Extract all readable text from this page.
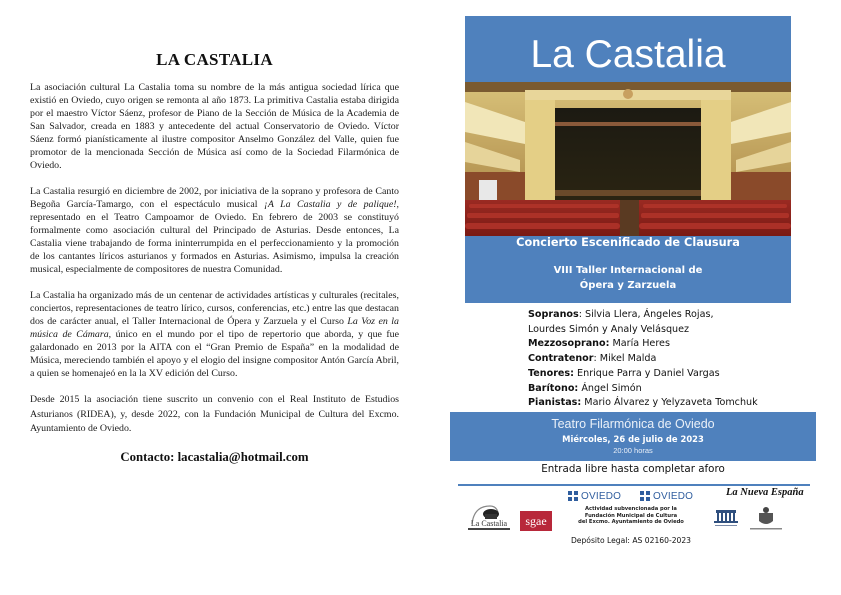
LA CASTALIA

La asociación cultural La Castalia toma su nombre de la más antigua sociedad lírica que existió en Oviedo, cuyo origen se remonta al año 1873. La primitiva Castalia estaba dirigida por el maestro Víctor Sáenz, profesor de Piano de la Sección de Música de la Academia de San Salvador, creada en 1883 y antecedente del actual Conservatorio de Oviedo. Víctor Sáenz formó pianísticamente al ilustre compositor Anselmo González del Valle, quien fue promotor de la mencionada Sección de Música así como de la Sociedad Filarmónica de Oviedo.

La Castalia resurgió en diciembre de 2002, por iniciativa de la soprano y profesora de Canto Begoña García-Tamargo, con el espectáculo musical ¡A La Castalia y de palique!, representado en el Teatro Campoamor de Oviedo. En febrero de 2003 se constituyó formalmente como asociación cultural del Principado de Asturias. Desde entonces, La Castalia viene trabajando de forma ininterrumpida en el perfeccionamiento y la promoción de los cantantes líricos asturianos y formados en Asturias. Asimismo, impulsa la creación musical, especialmente de compositores de nuestra Comunidad.

La Castalia ha organizado más de un centenar de actividades artísticas y culturales (recitales, conciertos, representaciones de teatro lírico, cursos, conferencias, etc.) entre las que destacan dos de carácter anual, el Taller Internacional de Ópera y Zarzuela y el Curso La Voz en la música de Cámara, único en el mundo por el tipo de repertorio que aborda, y que fue galardonado en 2013 por la AITA con el “Gran Premio de España” en la modalidad de Música, mereciendo también el apoyo y el elogio del insigne compositor Antón García Abril, a quien se homenajeó en la la XV edición del Curso.

Desde 2015 la asociación tiene suscrito un convenio con el Real Instituto de Estudios Asturianos (RIDEA), y, desde 2022, con la Fundación Municipal de Cultura del Excmo. Ayuntamiento de Oviedo.

Contacto: lacastalia@hotmail.com
La Castalia
Concierto Escenificado de Clausura
VIII Taller Internacional de
Ópera y Zarzuela
Sopranos: Silvia Llera, Ángeles Rojas,
Lourdes Simón y Analy Velásquez
Mezzosoprano: María Heres
Contratenor: Mikel Malda
Tenores: Enrique Parra y Daniel Vargas
Barítono: Ángel Simón
Pianistas: Mario Álvarez y Yelyzaveta Tomchuk
Teatro Filarmónica de Oviedo
Miércoles, 26 de julio de 2023
20:00 horas
Entrada libre hasta completar aforo
La Castalia	sgae
OVIEDO	OVIEDO
Actividad subvencionada por la
Fundación Municipal de Cultura
del Excmo. Ayuntamiento de Oviedo
Depósito Legal: AS 02160-2023
La Nueva España
